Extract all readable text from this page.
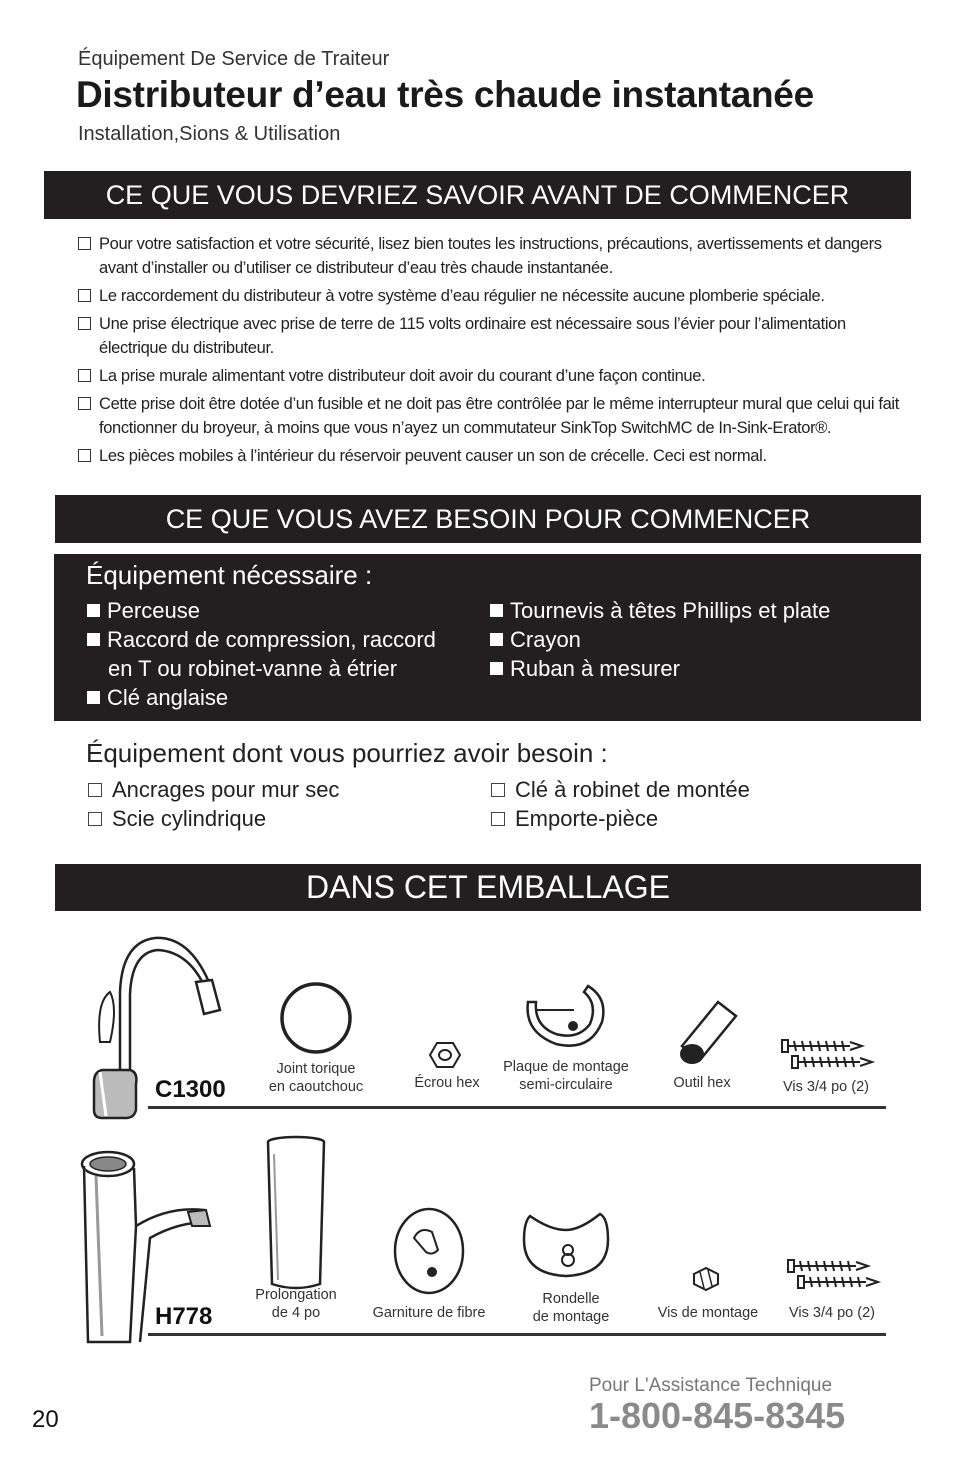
Équipement De Service de Traiteur
Distributeur d’eau très chaude instantanée
Installation,Sions & Utilisation
CE QUE VOUS DEVRIEZ SAVOIR AVANT DE COMMENCER
Pour votre satisfaction et votre sécurité, lisez bien toutes les instructions, précautions, avertissements et dangers avant d’installer ou d’utiliser ce distributeur d’eau très chaude instantanée.
Le raccordement du distributeur à votre système d’eau régulier ne nécessite aucune plomberie spéciale.
Une prise électrique avec prise de terre de 115 volts ordinaire est nécessaire sous l’évier pour l’alimentation électrique du distributeur.
La prise murale alimentant votre distributeur doit avoir du courant d’une façon continue.
Cette prise doit être dotée d’un fusible et ne doit pas être contrôlée par le même interrupteur mural que celui qui fait fonctionner du broyeur, à moins que vous n’ayez un commutateur SinkTop SwitchMC de In-Sink-Erator®.
Les pièces mobiles à l’intérieur du réservoir peuvent causer un son de crécelle. Ceci est normal.
CE QUE VOUS AVEZ BESOIN POUR COMMENCER
Équipement nécessaire :
Perceuse
Raccord de compression, raccord
en T ou robinet-vanne à étrier
Clé anglaise
Tournevis à têtes Phillips et plate
Crayon
Ruban à mesurer
Équipement dont vous pourriez avoir besoin :
Ancrages pour mur sec
Scie cylindrique
Clé à robinet de montée
Emporte-pièce
DANS CET EMBALLAGE
C1300
Joint torique
en caoutchouc	Écrou hex
Plaque de montage
semi-circulaire	Outil hex	Vis 3/4 po (2)
H778
Prolongation
de 4 po	Garniture de fibre
Rondelle
de montage	Vis de montage	Vis 3/4 po (2)
20
Pour L'Assistance Technique
1-800-845-8345
